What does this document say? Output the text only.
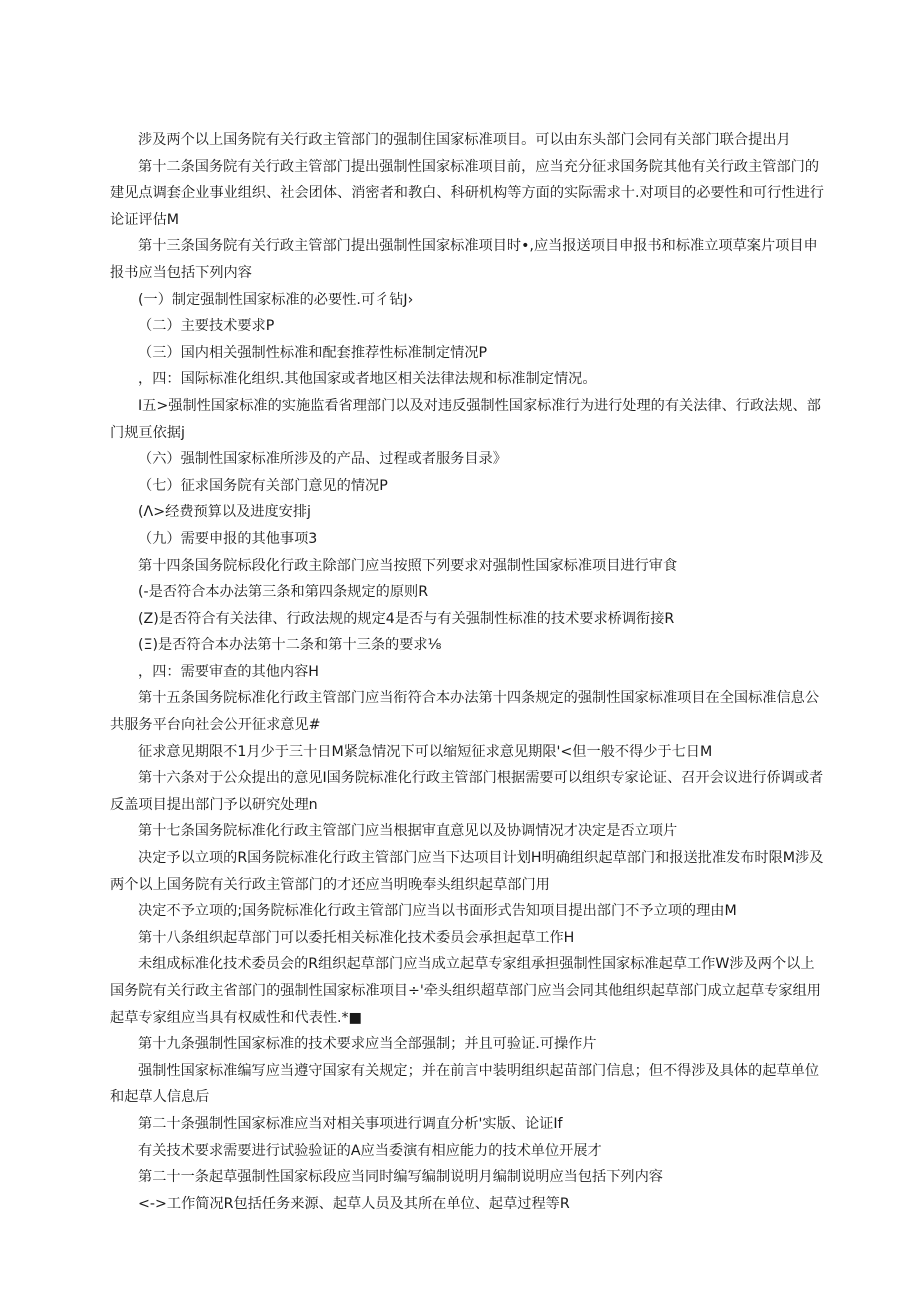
涉及两个以上国务院有关行政主管部门的强制住国家标准项目。可以由东头部门会同有关部门联合提出月

第十二条国务院有关行政主管部门提出强制性国家标准项目前，应当充分征求国务院其他有关行政主管部门的建见点调套企业事业组织、社会团体、消密者和教白、科研机构等方面的实际需求十.对项目的必要性和可行性进行论证评估M

第十三条国务院有关行政主管部门提出强制性国家标准项目时•,应当报送项目申报书和标准立项草案片项目申报书应当包括下列内容

(一）制定强制性国家标准的必要性.可彳钻J›

（二）主要技术要求P

（三）国内相关强制性标准和配套推荐性标准制定情况P

，四：国际标准化组织.其他国家或者地区相关法律法规和标准制定情况。

I五>强制性国家标准的实施监看省理部门以及对违反强制性国家标准行为进行处理的有关法律、行政法规、部门规亘依据j

（六）强制性国家标准所涉及的产品、过程或者服务目录》

（七）征求国务院有关部门意见的情况P

(Λ>经费预算以及进度安排j

（九）需要申报的其他事项3

第十四条国务院标段化行政主除部门应当按照下列要求对强制性国家标准项目进行审食

(-是否符合本办法第三条和第四条规定的原则R

(Z)是否符合有关法律、行政法规的规定4是否与有关强制性标准的技术要求桥调衔接R

(Ξ)是否符合本办法第十二条和第十三条的要求⅛

，四：需要审查的其他内容H

第十五条国务院标准化行政主管部门应当衔符合本办法第十四条规定的强制性国家标准项目在全国标准信息公共服务平台向社会公开征求意见#

征求意见期限不1月少于三十日M紧急情况下可以缩短征求意见期限'<但一般不得少于七日M

第十六条对于公众提出的意见I国务院标准化行政主管部门根据需要可以组织专家论证、召开会议进行侨调或者反盖项目提出部门予以研究处理n

第十七条国务院标准化行政主管部门应当根据审直意见以及协调情况才决定是否立项片

决定予以立项的R国务院标准化行政主管部门应当下达项目计划H明确组织起草部门和报送批准发布时限M涉及两个以上国务院有关行政主管部门的才还应当明晚奉头组织起草部门用

决定不予立项的;国务院标准化行政主管部门应当以书面形式告知项目提出部门不予立项的理由M

第十八条组织起草部门可以委托相关标准化技术委员会承担起草工作H

未组成标准化技术委员会的R组织起草部门应当成立起草专家组承担强制性国家标准起草工作W涉及两个以上国务院有关行政主省部门的强制性国家标准项目÷'牵头组织超草部门应当会同其他组织起草部门成立起草专家组用起草专家组应当具有权威性和代表性.*■

第十九条强制性国家标准的技术要求应当全部强制；并且可验证.可操作片

强制性国家标准编写应当遵守国家有关规定；并在前言中装明组织起苗部门信息；但不得涉及具体的起草单位和起草人信息后

第二十条强制性国家标准应当对相关事项进行调直分析'实版、论证If

有关技术要求需要进行试验验证的A应当委演有相应能力的技术单位开展才

第二十一条起草强制性国家标段应当同时编写编制说明月编制说明应当包括下列内容

<->工作简况R包括任务来源、起草人员及其所在单位、起草过程等R
